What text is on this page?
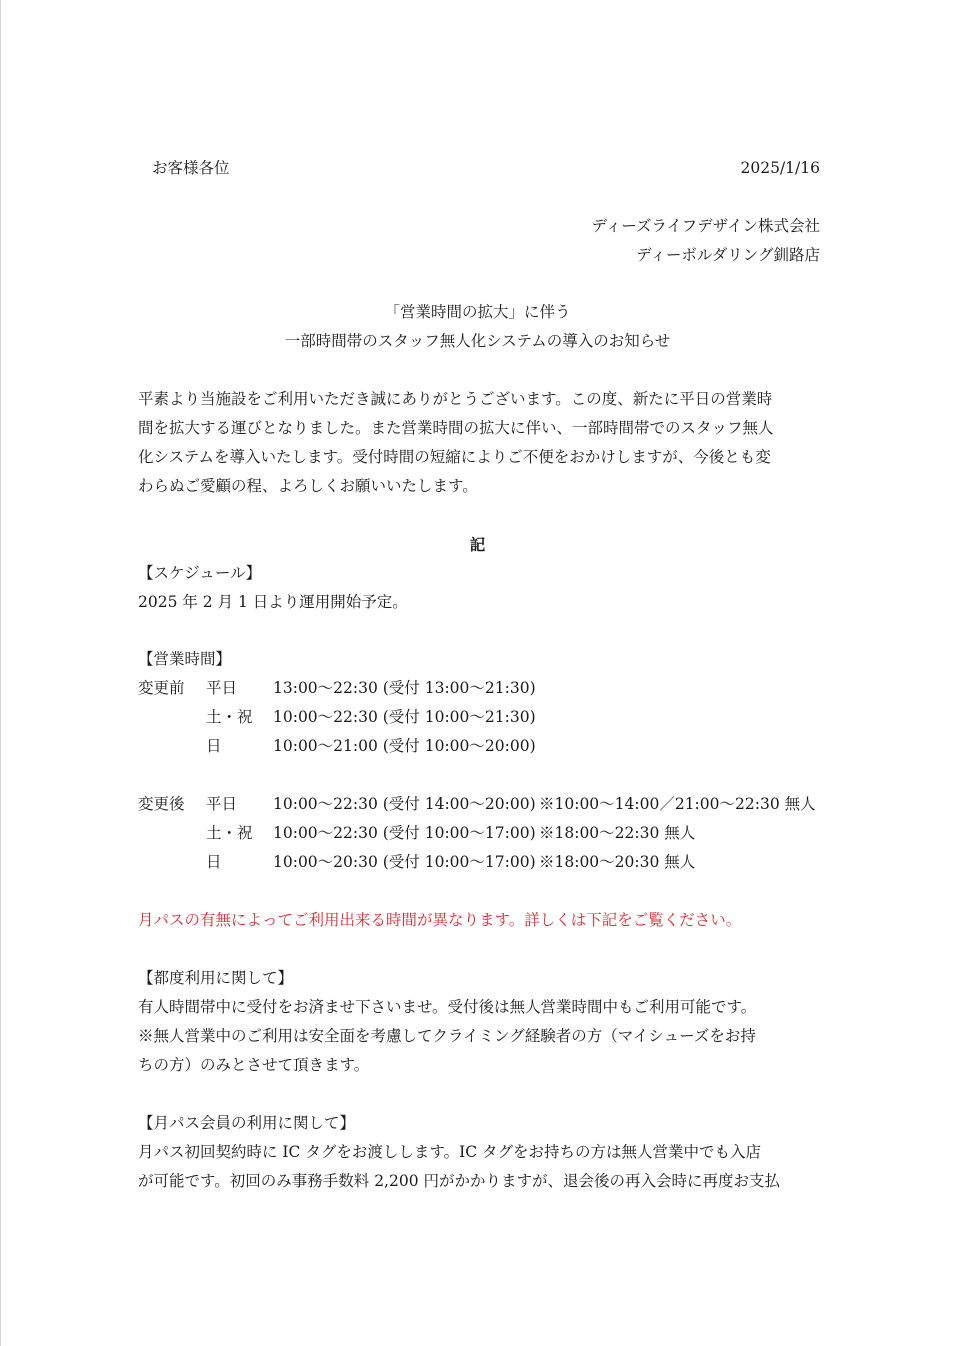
お客様各位	2025/1/16
ディーズライフデザイン株式会社
ディーボルダリング釧路店
「営業時間の拡大」に伴う
一部時間帯のスタッフ無人化システムの導入のお知らせ
平素より当施設をご利用いただき誠にありがとうございます。この度、新たに平日の営業時
間を拡大する運びとなりました。また営業時間の拡大に伴い、一部時間帯でのスタッフ無人
化システムを導入いたします。受付時間の短縮によりご不便をおかけしますが、今後とも変
わらぬご愛顧の程、よろしくお願いいたします。
記
【スケジュール】
2025 年 2 月 1 日より運用開始予定。
【営業時間】
変更前 平日 13:00～22:30 (受付 13:00～21:30)
土・祝 10:00～22:30 (受付 10:00～21:30)
日	10:00～21:00 (受付 10:00～20:00)
変更後 平日 10:00～22:30 (受付 14:00～20:00) ※10:00～14:00／21:00～22:30 無人
土・祝 10:00～22:30 (受付 10:00～17:00) ※18:00～22:30 無人
日	10:00～20:30 (受付 10:00～17:00) ※18:00～20:30 無人
月パスの有無によってご利用出来る時間が異なります。詳しくは下記をご覧ください。
【都度利用に関して】
有人時間帯中に受付をお済ませ下さいませ。受付後は無人営業時間中もご利用可能です。
※無人営業中のご利用は安全面を考慮してクライミング経験者の方（マイシューズをお持
ちの方）のみとさせて頂きます。
【月パス会員の利用に関して】
月パス初回契約時に IC タグをお渡しします。IC タグをお持ちの方は無人営業中でも入店
が可能です。初回のみ事務手数料 2,200 円がかかりますが、退会後の再入会時に再度お支払
